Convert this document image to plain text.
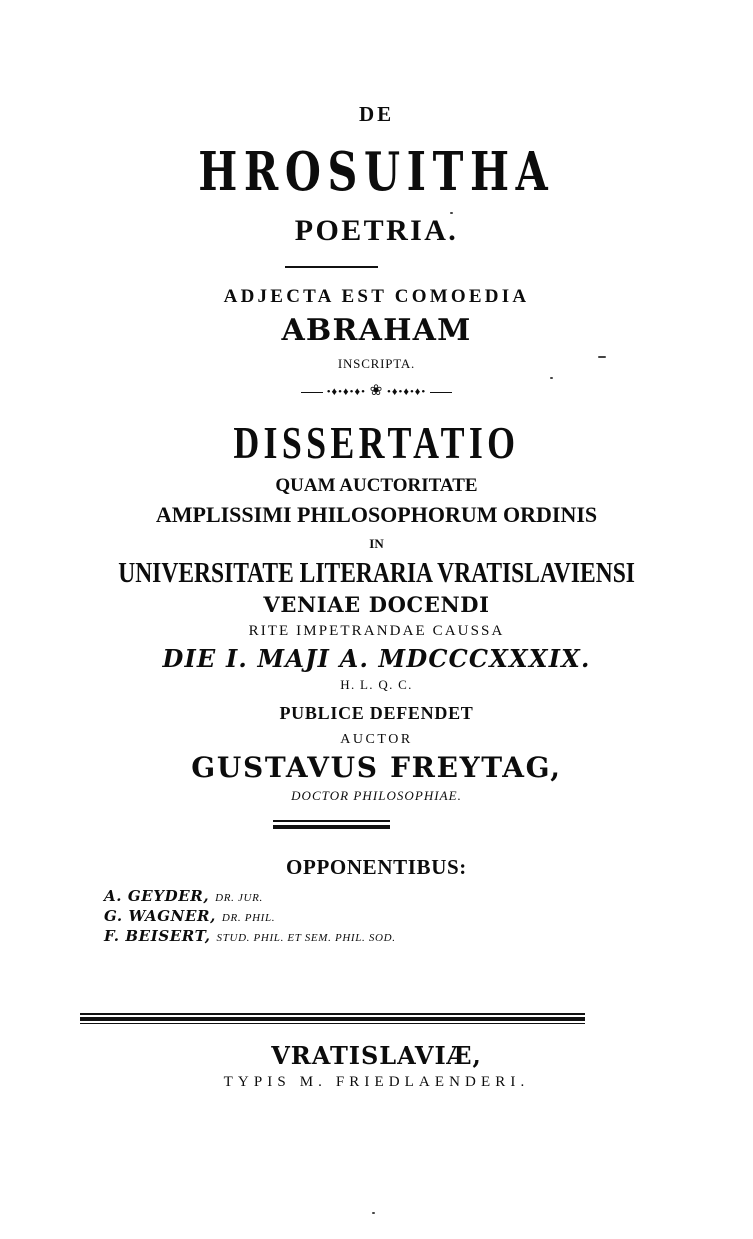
DE
HROSUITHA
POETRIA.
ADJECTA EST COMOEDIA
ABRAHAM
INSCRIPTA.
•♦•♦•♦• ❀ •♦•♦•♦•
DISSERTATIO
QUAM AUCTORITATE
AMPLISSIMI PHILOSOPHORUM ORDINIS
IN
UNIVERSITATE LITERARIA VRATISLAVIENSI
VENIAE DOCENDI
RITE IMPETRANDAE CAUSSA
DIE I. MAJI A. MDCCCXXXIX.
H. L. Q. C.
PUBLICE DEFENDET
AUCTOR
GUSTAVUS FREYTAG,
DOCTOR PHILOSOPHIAE.
OPPONENTIBUS:
A. GEYDER, DR. JUR.
G. WAGNER, DR. PHIL.
F. BEISERT, STUD. PHIL. ET SEM. PHIL. SOD.
VRATISLAVIÆ,
TYPIS M. FRIEDLAENDERI.
